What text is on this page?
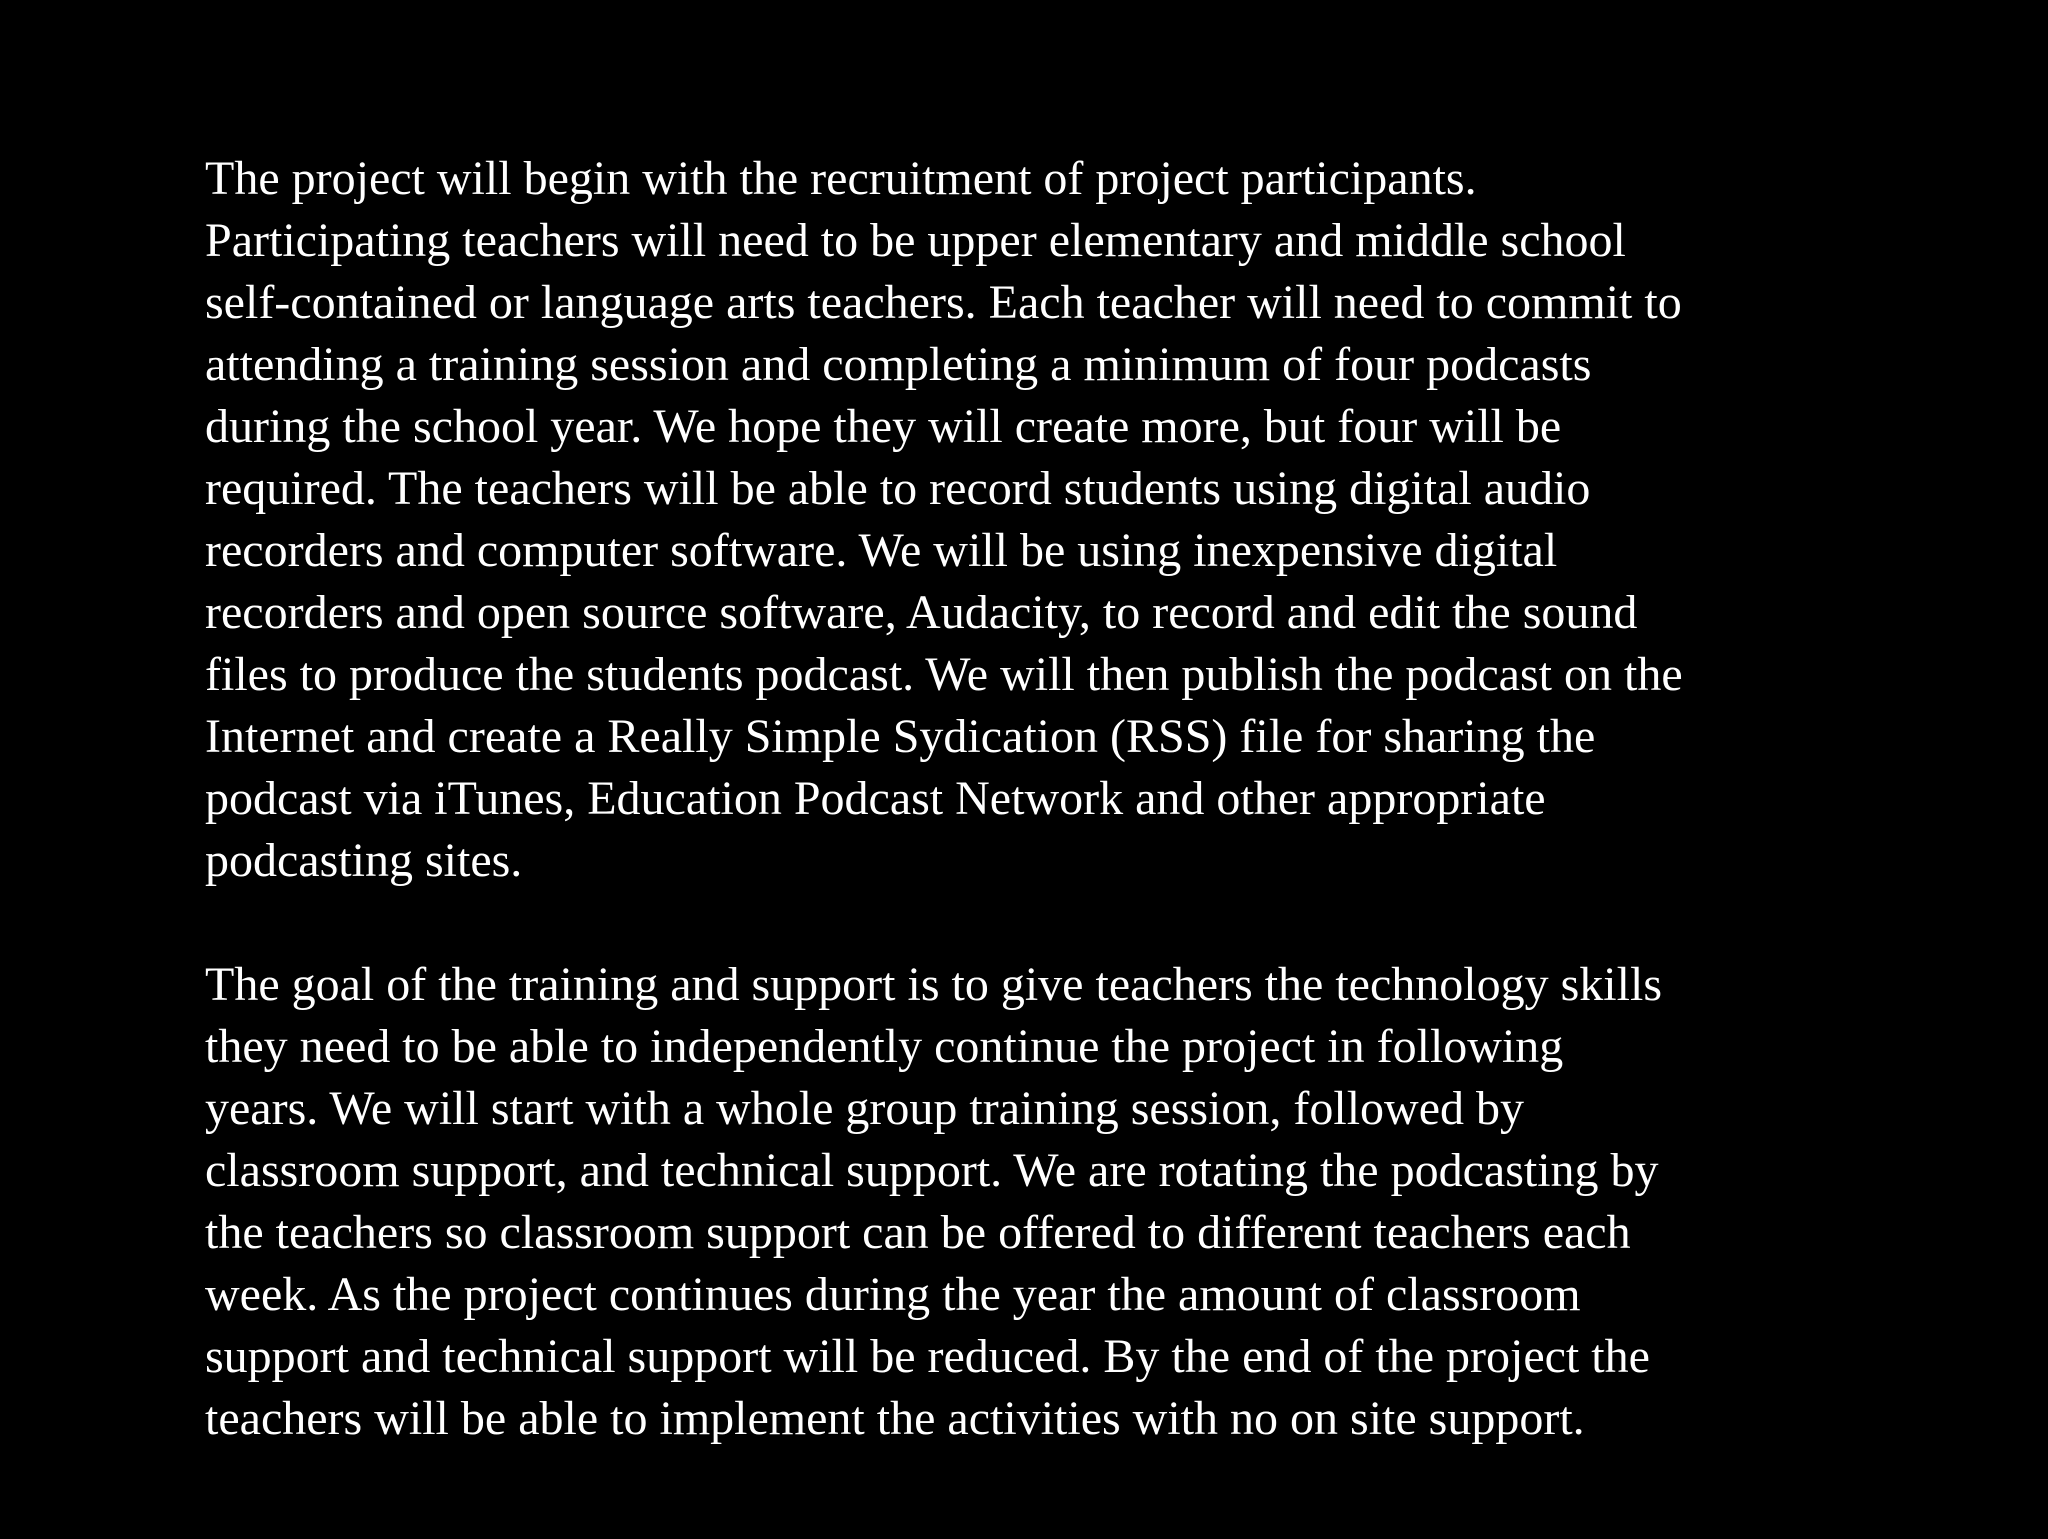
The project will begin with the recruitment of project participants.
Participating teachers will need to be upper elementary and middle school
self-contained or language arts teachers. Each teacher will need to commit to
attending a training session and completing a minimum of four podcasts
during the school year. We hope they will create more, but four will be
required. The teachers will be able to record students using digital audio
recorders and computer software. We will be using inexpensive digital
recorders and open source software, Audacity, to record and edit the sound
files to produce the students podcast. We will then publish the podcast on the
Internet and create a Really Simple Sydication (RSS) file for sharing the
podcast via iTunes, Education Podcast Network and other appropriate
podcasting sites.

The goal of the training and support is to give teachers the technology skills
they need to be able to independently continue the project in following
years. We will start with a whole group training session, followed by
classroom support, and technical support. We are rotating the podcasting by
the teachers so classroom support can be offered to different teachers each
week. As the project continues during the year the amount of classroom
support and technical support will be reduced. By the end of the project the
teachers will be able to implement the activities with no on site support.
